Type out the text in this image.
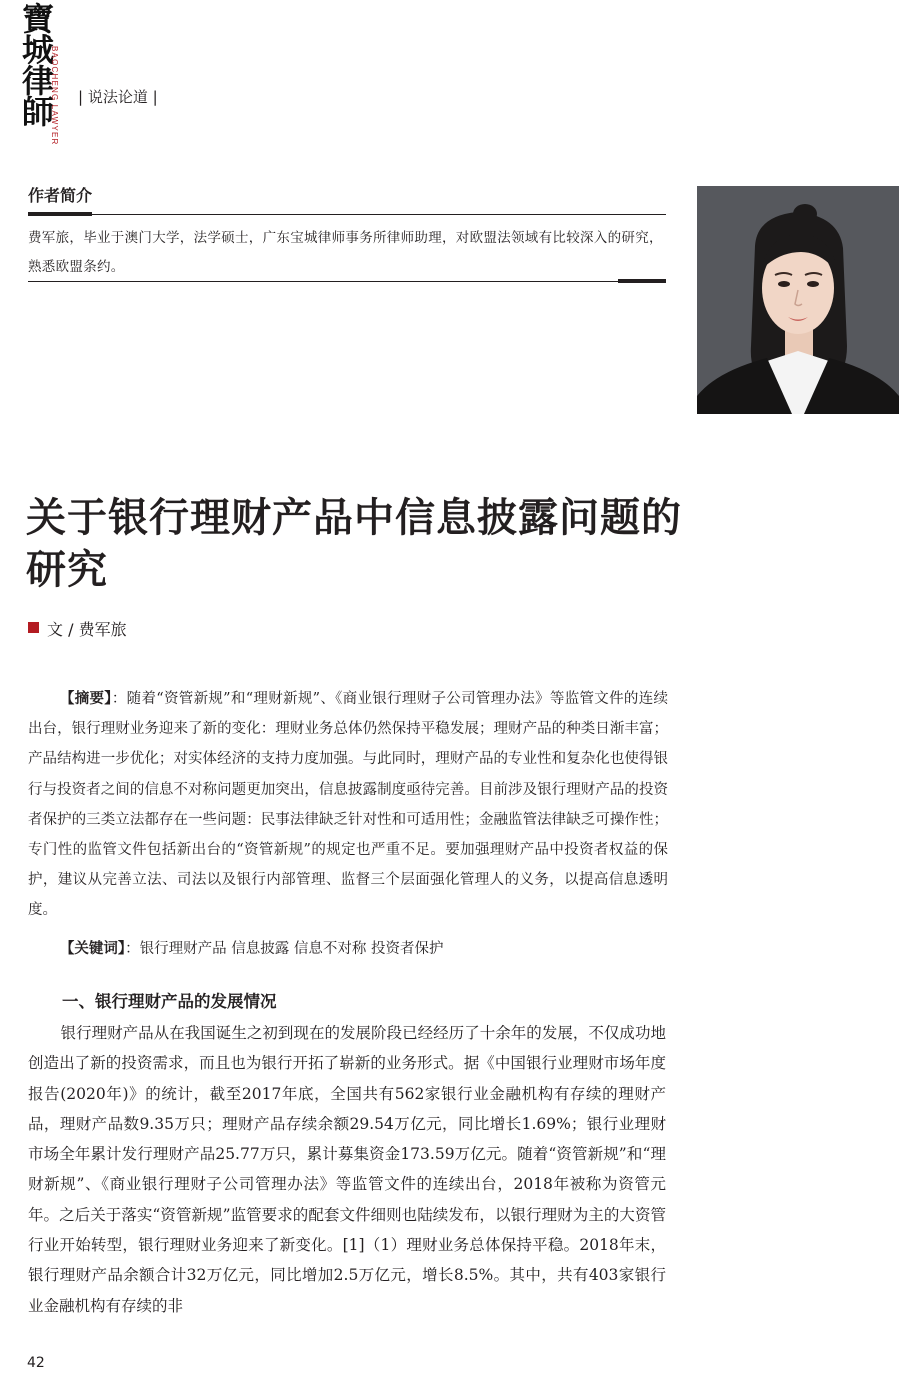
寶
城
律
師
BAOCHENG LAWYER | 说法论道 |
作者简介
费军旅，毕业于澳门大学，法学硕士，广东宝城律师事务所律师助理，对欧盟法领域有比较深入的研究，熟悉欧盟条约。
关于银行理财产品中信息披露问题的研究
文 / 费军旅
【摘要】：随着“资管新规”和“理财新规”、《商业银行理财子公司管理办法》等监管文件的连续出台，银行理财业务迎来了新的变化：理财业务总体仍然保持平稳发展；理财产品的种类日渐丰富；产品结构进一步优化；对实体经济的支持力度加强。与此同时，理财产品的专业性和复杂化也使得银行与投资者之间的信息不对称问题更加突出，信息披露制度亟待完善。目前涉及银行理财产品的投资者保护的三类立法都存在一些问题：民事法律缺乏针对性和可适用性；金融监管法律缺乏可操作性；专门性的监管文件包括新出台的“资管新规”的规定也严重不足。要加强理财产品中投资者权益的保护，建议从完善立法、司法以及银行内部管理、监督三个层面强化管理人的义务，以提高信息透明度。
【关键词】：银行理财产品 信息披露 信息不对称 投资者保护
一、银行理财产品的发展情况
银行理财产品从在我国诞生之初到现在的发展阶段已经经历了十余年的发展，不仅成功地创造出了新的投资需求，而且也为银行开拓了崭新的业务形式。据《中国银行业理财市场年度报告(2020年)》的统计，截至2017年底，全国共有562家银行业金融机构有存续的理财产品，理财产品数9.35万只；理财产品存续余额29.54万亿元，同比增长1.69%；银行业理财市场全年累计发行理财产品25.77万只，累计募集资金173.59万亿元。随着“资管新规”和“理财新规”、《商业银行理财子公司管理办法》等监管文件的连续出台，2018年被称为资管元年。之后关于落实“资管新规”监管要求的配套文件细则也陆续发布，以银行理财为主的大资管行业开始转型，银行理财业务迎来了新变化。[1]（1）理财业务总体保持平稳。2018年末，银行理财产品余额合计32万亿元，同比增加2.5万亿元，增长8.5%。其中，共有403家银行业金融机构有存续的非
42
